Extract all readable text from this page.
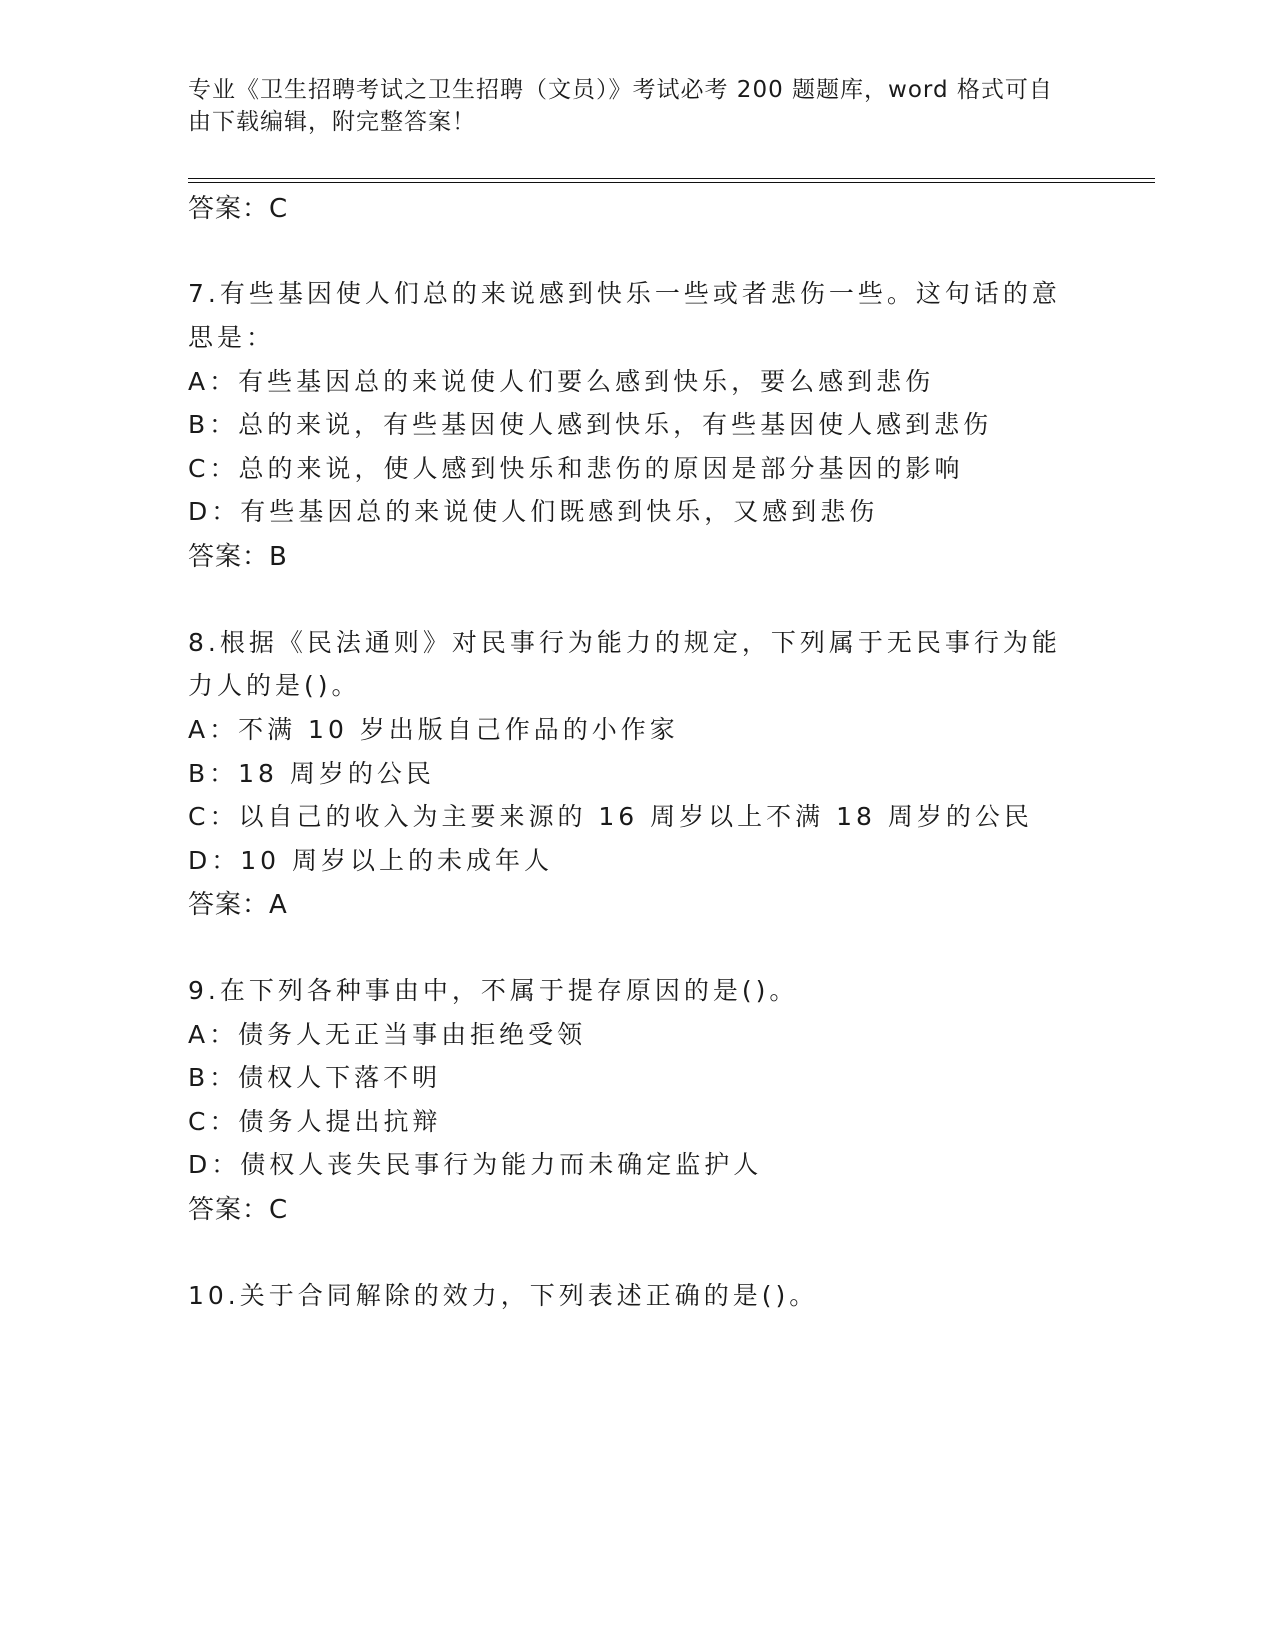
专业《卫生招聘考试之卫生招聘（文员）》考试必考 200 题题库，word 格式可自由下载编辑，附完整答案！
答案：C
7.有些基因使人们总的来说感到快乐一些或者悲伤一些。这句话的意
思是：
A：有些基因总的来说使人们要么感到快乐，要么感到悲伤
B：总的来说，有些基因使人感到快乐，有些基因使人感到悲伤
C：总的来说，使人感到快乐和悲伤的原因是部分基因的影响
D：有些基因总的来说使人们既感到快乐，又感到悲伤
答案：B
8.根据《民法通则》对民事行为能力的规定，下列属于无民事行为能
力人的是()。
A：不满 10 岁出版自己作品的小作家
B：18 周岁的公民
C：以自己的收入为主要来源的 16 周岁以上不满 18 周岁的公民
D：10 周岁以上的未成年人
答案：A
9.在下列各种事由中，不属于提存原因的是()。
A：债务人无正当事由拒绝受领
B：债权人下落不明
C：债务人提出抗辩
D：债权人丧失民事行为能力而未确定监护人
答案：C
10.关于合同解除的效力，下列表述正确的是()。
